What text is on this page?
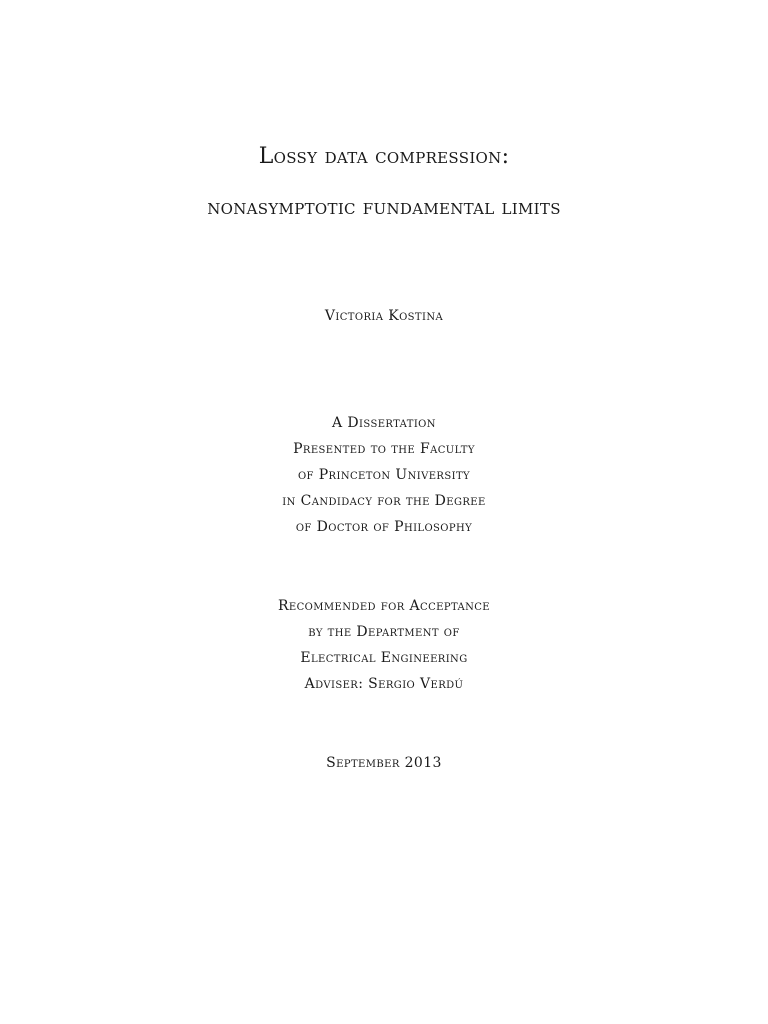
Lossy data compression:
nonasymptotic fundamental limits
Victoria Kostina
A Dissertation
Presented to the Faculty
of Princeton University
in Candidacy for the Degree
of Doctor of Philosophy
Recommended for Acceptance
by the Department of
Electrical Engineering
Adviser: Sergio Verdú
September 2013
